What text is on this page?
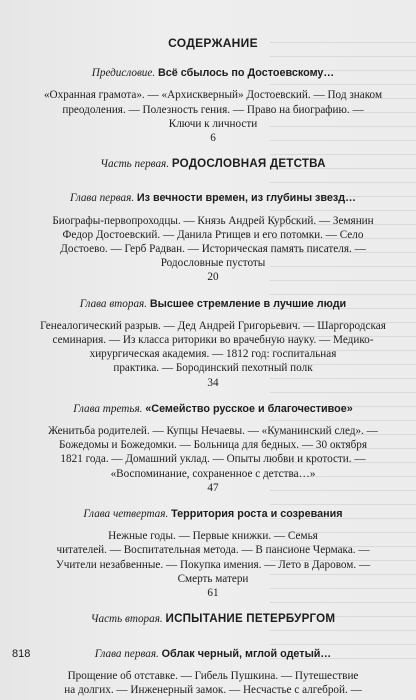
СОДЕРЖАНИЕ
Предисловие. Всё сбылось по Достоевскому…
«Охранная грамота». — «Архискверный» Достоевский. — Под знаком
преодоления. — Полезность гения. — Право на биографию. —
Ключи к личности
6
Часть первая. РОДОСЛОВНАЯ ДЕТСТВА
Глава первая. Из вечности времен, из глубины звезд…
Биографы-первопроходцы. — Князь Андрей Курбский. — Земянин
Федор Достоевский. — Данила Ртищев и его потомки. — Село
Достоево. — Герб Радван. — Историческая память писателя. —
Родословные пустоты
20
Глава вторая. Высшее стремление в лучшие люди
Генеалогический разрыв. — Дед Андрей Григорьевич. — Шаргородская
семинария. — Из класса риторики во врачебную науку. — Медико-
хирургическая академия. — 1812 год: госпитальная
практика. — Бородинский пехотный полк
34
Глава третья. «Семейство русское и благочестивое»
Женитьба родителей. — Купцы Нечаевы. — «Куманинский след». —
Божедомы и Божедомки. — Больница для бедных. — 30 октября
1821 года. — Домашний уклад. — Опыты любви и кротости. —
«Воспоминание, сохраненное с детства…»
47
Глава четвертая. Территория роста и созревания
Нежные годы. — Первые книжки. — Семья
читателей. — Воспитательная метода. — В пансионе Чермака. —
Учители незабвенные. — Покупка имения. — Лето в Даровом. —
Смерть матери
61
Часть вторая. ИСПЫТАНИЕ ПЕТЕРБУРГОМ
Глава первая. Облак черный, мглой одетый…
Прощение об отставке. — Гибель Пушкина. — Путешествие
на долгих. — Инженерный замок. — Несчастье с алгеброй. —
818
